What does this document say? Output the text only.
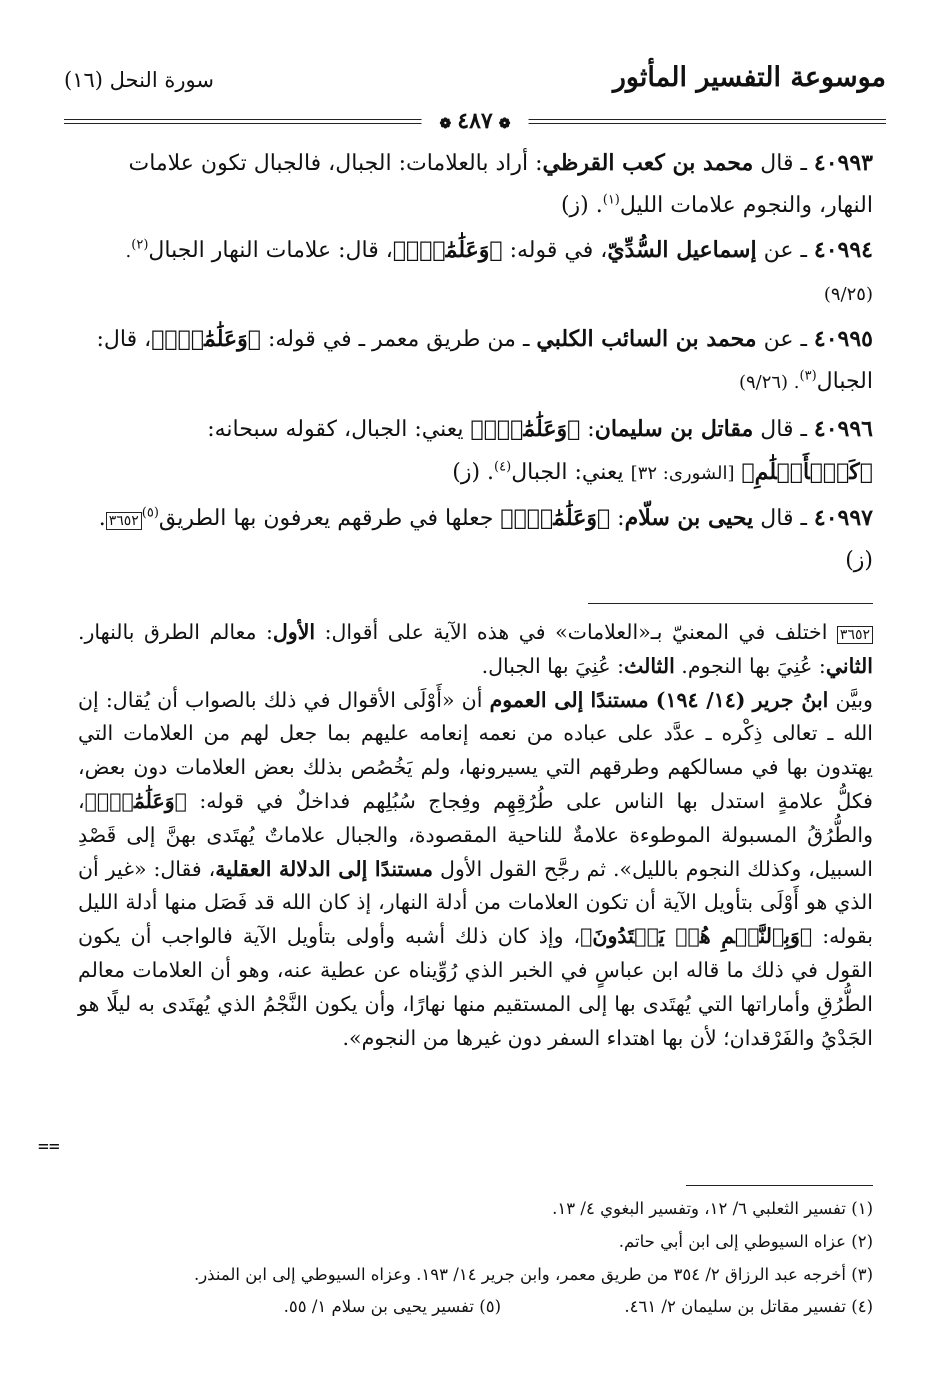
موسوعة التفسير المأثور
سورة النحل (١٦)
❁ ٤٨٧ ❁
٤٠٩٩٣ ـ قال محمد بن كعب القرظي: أراد بالعلامات: الجبال، فالجبال تكون علامات النهار، والنجوم علامات الليل$^{(١)}$. (ز)
٤٠٩٩٤ ـ عن إسماعيل السُّدِّيّ، في قوله: ﴿وَعَلَٰمَٰتٍۚ﴾، قال: علامات النهار الجبال$^{(٢)}$. (٩/٢٥)
٤٠٩٩٥ ـ عن محمد بن السائب الكلبي ـ من طريق معمر ـ في قوله: ﴿وَعَلَٰمَٰتٍۚ﴾، قال: الجبال$^{(٣)}$. (٩/٢٦)
٤٠٩٩٦ ـ قال مقاتل بن سليمان: ﴿وَعَلَٰمَٰتٍۚ﴾ يعني: الجبال، كقوله سبحانه: ﴿كَٱلۡأَعۡلَٰمِ﴾ [الشورى: ٣٢] يعني: الجبال$^{(٤)}$. (ز)
٤٠٩٩٧ ـ قال يحيى بن سلّام: ﴿وَعَلَٰمَٰتٍۚ﴾ جعلها في طرقهم يعرفون بها الطريق$^{(٥)}$٣٦٥٢. (ز)
٣٦٥٢ اختلف في المعنيّ بـ«العلامات» في هذه الآية على أقوال: الأول: معالم الطرق بالنهار. الثاني: عُنِيَ بها النجوم. الثالث: عُنِيَ بها الجبال.
وبيَّن ابنُ جرير (١٤/ ١٩٤) مستندًا إلى العموم أن «أَوْلَى الأقوال في ذلك بالصواب أن يُقال: إن الله ـ تعالى ذِكْره ـ عدَّد على عباده من نعمه إنعامه عليهم بما جعل لهم من العلامات التي يهتدون بها في مسالكهم وطرقهم التي يسيرونها، ولم يَخُصُص بذلك بعض العلامات دون بعض، فكلُّ علامةٍ استدل بها الناس على طُرُقِهِم وفِجاج سُبُلِهم فداخلٌ في قوله: ﴿وَعَلَٰمَٰتٍۚ﴾، والطُّرُقُ المسبولة الموطوءة علامةٌ للناحية المقصودة، والجبال علاماتٌ يُهتَدى بهنَّ إلى قَصْدِ السبيل، وكذلك النجوم بالليل». ثم رجَّح القول الأول مستندًا إلى الدلالة العقلية، فقال: «غير أن الذي هو أَوْلَى بتأويل الآية أن تكون العلامات من أدلة النهار، إذ كان الله قد فَصَل منها أدلة الليل بقوله: ﴿وَبِٱلنَّجۡمِ هُمۡ يَهۡتَدُونَ﴾، وإذ كان ذلك أشبه وأولى بتأويل الآية فالواجب أن يكون القول في ذلك ما قاله ابن عباسٍ في الخبر الذي رُوِّيناه عن عطية عنه، وهو أن العلامات معالم الطُّرُقِ وأماراتها التي يُهتَدى بها إلى المستقيم منها نهارًا، وأن يكون النَّجْمُ الذي يُهتَدى به ليلًا هو الجَدْيُ والفَرْقدان؛ لأن بها اهتداء السفر دون غيرها من النجوم».
==
(١) تفسير الثعلبي ٦/ ١٢، وتفسير البغوي ٤/ ١٣.
(٢) عزاه السيوطي إلى ابن أبي حاتم.
(٣) أخرجه عبد الرزاق ٢/ ٣٥٤ من طريق معمر، وابن جرير ١٤/ ١٩٣. وعزاه السيوطي إلى ابن المنذر.
(٤) تفسير مقاتل بن سليمان ٢/ ٤٦١.
(٥) تفسير يحيى بن سلام ١/ ٥٥.
